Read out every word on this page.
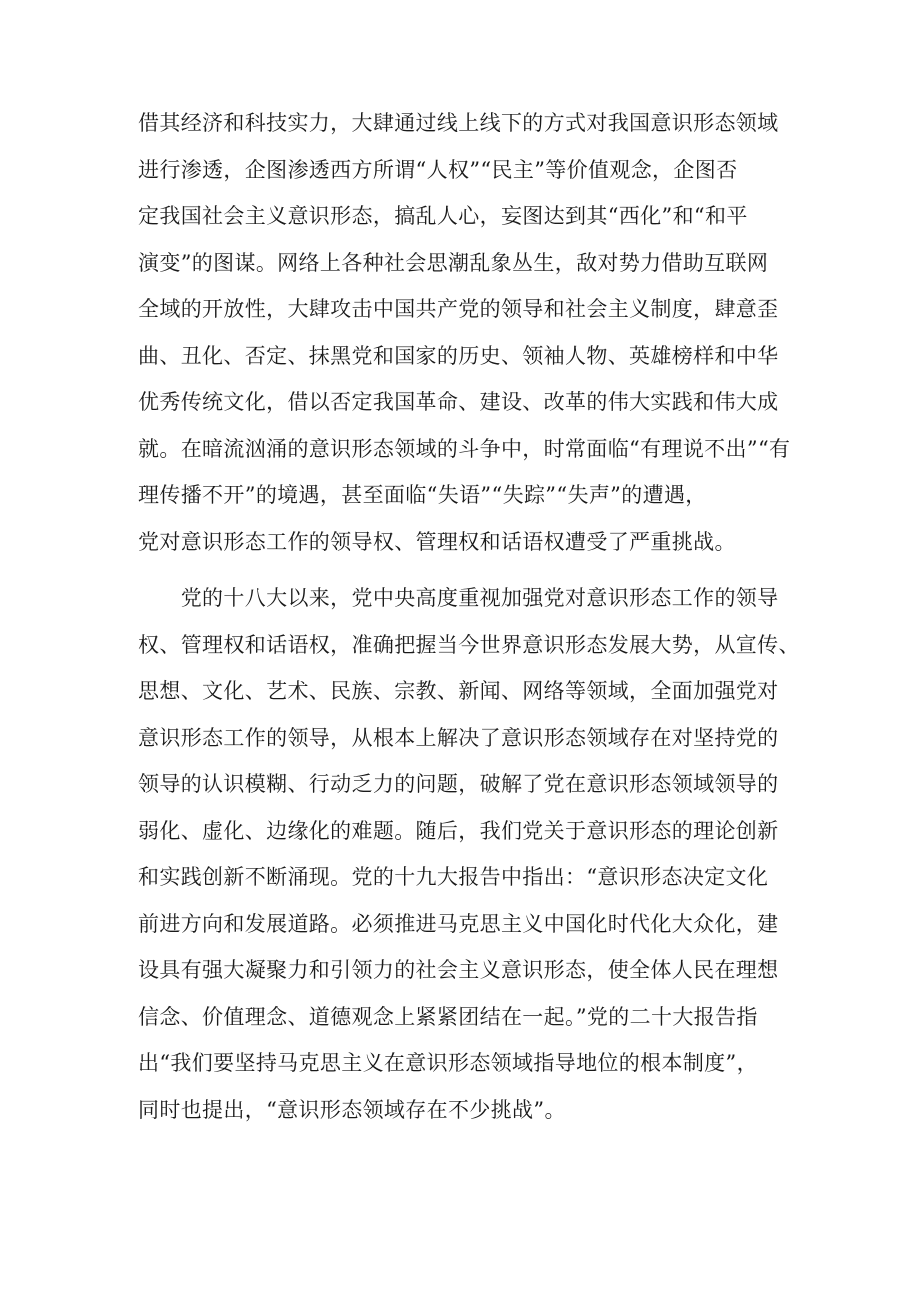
借其经济和科技实力，大肆通过线上线下的方式对我国意识形态领域
进行渗透，企图渗透西方所谓“人权”“民主”等价值观念，企图否
定我国社会主义意识形态，搞乱人心，妄图达到其“西化”和“和平
演变”的图谋。网络上各种社会思潮乱象丛生，敌对势力借助互联网
全域的开放性，大肆攻击中国共产党的领导和社会主义制度，肆意歪
曲、丑化、否定、抹黑党和国家的历史、领袖人物、英雄榜样和中华
优秀传统文化，借以否定我国革命、建设、改革的伟大实践和伟大成
就。在暗流汹涌的意识形态领域的斗争中，时常面临“有理说不出”“有
理传播不开”的境遇，甚至面临“失语”“失踪”“失声”的遭遇，
党对意识形态工作的领导权、管理权和话语权遭受了严重挑战。
　　党的十八大以来，党中央高度重视加强党对意识形态工作的领导
权、管理权和话语权，准确把握当今世界意识形态发展大势，从宣传、
思想、文化、艺术、民族、宗教、新闻、网络等领域，全面加强党对
意识形态工作的领导，从根本上解决了意识形态领域存在对坚持党的
领导的认识模糊、行动乏力的问题，破解了党在意识形态领域领导的
弱化、虚化、边缘化的难题。随后，我们党关于意识形态的理论创新
和实践创新不断涌现。党的十九大报告中指出：“意识形态决定文化
前进方向和发展道路。必须推进马克思主义中国化时代化大众化，建
设具有强大凝聚力和引领力的社会主义意识形态，使全体人民在理想
信念、价值理念、道德观念上紧紧团结在一起。”党的二十大报告指
出“我们要坚持马克思主义在意识形态领域指导地位的根本制度”，
同时也提出，“意识形态领域存在不少挑战”。
